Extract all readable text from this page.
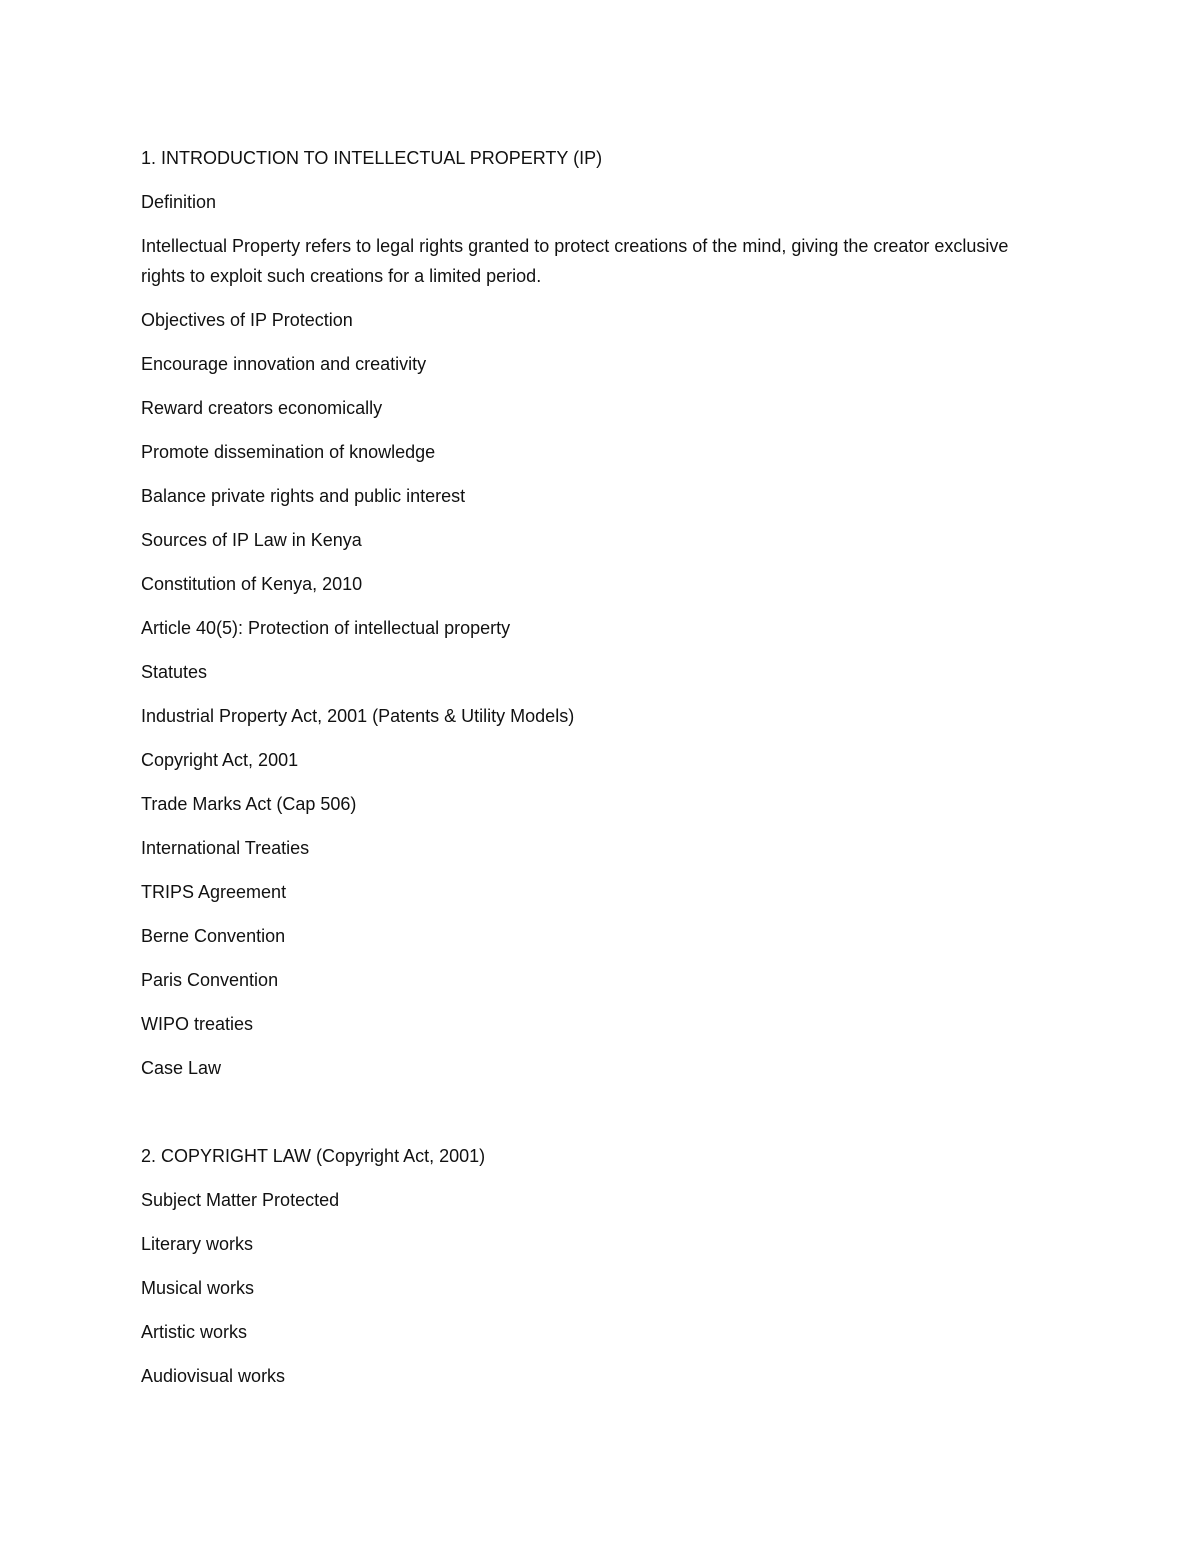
1. INTRODUCTION TO INTELLECTUAL PROPERTY (IP)

Definition

Intellectual Property refers to legal rights granted to protect creations of the mind, giving the creator exclusive rights to exploit such creations for a limited period.

Objectives of IP Protection

Encourage innovation and creativity

Reward creators economically

Promote dissemination of knowledge

Balance private rights and public interest

Sources of IP Law in Kenya

Constitution of Kenya, 2010

Article 40(5): Protection of intellectual property

Statutes

Industrial Property Act, 2001 (Patents & Utility Models)

Copyright Act, 2001

Trade Marks Act (Cap 506)

International Treaties

TRIPS Agreement

Berne Convention

Paris Convention

WIPO treaties

Case Law

2. COPYRIGHT LAW (Copyright Act, 2001)

Subject Matter Protected

Literary works

Musical works

Artistic works

Audiovisual works
